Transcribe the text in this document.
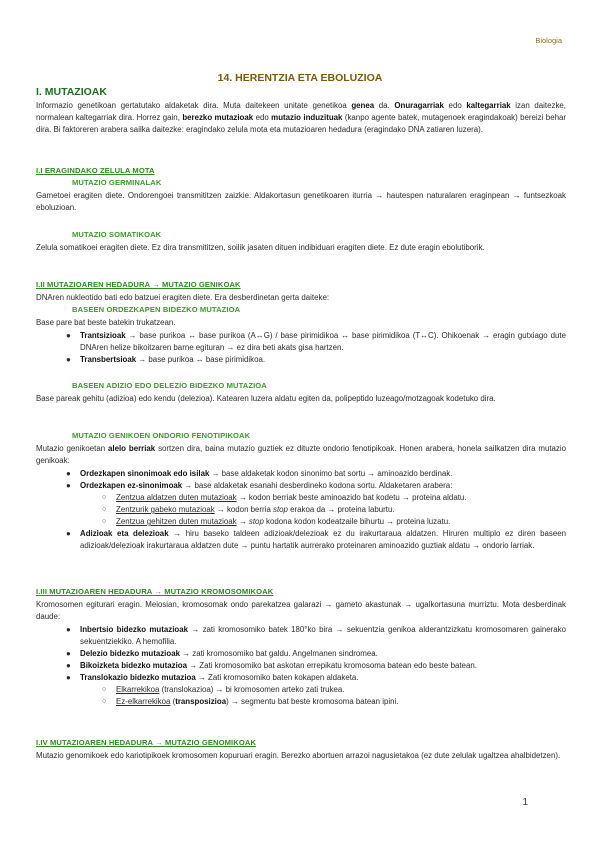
Biologia
14. HERENTZIA ETA EBOLUZIOA
I. MUTAZIOAK
Informazio genetikoan gertatutako aldaketak dira. Muta daitekeen unitate genetikoa genea da. Onuragarriak edo kaltegarriak izan daitezke, normalean kaltegarriak dira. Horrez gain, berezko mutazioak edo mutazio induzituak (kanpo agente batek, mutagenoek eragindakoak) bereizi behar dira. Bi faktoreren arabera sailka daitezke: eragindako zelula mota eta mutazioaren hedadura (eragindako DNA zatiaren luzera).
I.I ERAGINDAKO ZELULA MOTA
MUTAZIO GERMINALAK
Gametoei eragiten diete. Ondorengoei transmititzen zaizkie. Aldakortasun genetikoaren iturria → hautespen naturalaren eraginpean → funtsezkoak eboluzioan.
MUTAZIO SOMATIKOAK
Zelula somatikoei eragiten diete. Ez dira transmititzen, soilik jasaten dituen indibiduari eragiten diete. Ez dute eragin ebolutiborik.
I.II MUTAZIOAREN HEDADURA → MUTAZIO GENIKOAK
DNAren nukleotido bati edo batzuei eragiten diete. Era desberdinetan gerta daiteke:
BASEEN ORDEZKAPEN BIDEZKO MUTAZIOA
Base pare bat beste batekin trukatzean.
● Trantsizioak → base purikoa ↔ base purikoa (A↔G) / base pirimidikoa ↔ base pirimidikoa (T↔C). Ohikoenak → eragin gutxiago dute DNAren helize bikoitzaren barne egituran → ez dira beti akats gisa hartzen.
● Transbertsioak → base purikoa ↔ base pirimidikoa.
BASEEN ADIZIO EDO DELEZIO BIDEZKO MUTAZIOA
Base pareak gehitu (adizioa) edo kendu (delezioa). Katearen luzera aldatu egiten da, polipeptido luzeago/motzagoak kodetuko dira.
MUTAZIO GENIKOEN ONDORIO FENOTIPIKOAK
Mutazio genikoetan alelo berriak sortzen dira, baina mutazio guztiek ez dituzte ondorio fenotipikoak. Honen arabera, honela sailkatzen dira mutazio genikoak:
● Ordezkapen sinonimoak edo isilak → base aldaketak kodon sinonimo bat sortu → aminoazido berdinak.
● Ordezkapen ez-sinonimoak → base aldaketak esanahi desberdineko kodona sortu. Aldaketaren arabera:
○ Zentzua aldatzen duten mutazioak → kodon berriak beste aminoazido bat kodetu → proteina aldatu.
○ Zentzurik gabeko mutazioak → kodon berria stop erakoa da → proteina laburtu.
○ Zentzua gehitzen duten mutazioak → stop kodona kodon kodeatzaile bihurtu → proteina luzatu.
● Adizioak eta delezioak → hiru baseko taldeen adizioak/delezioak ez du irakurtaraua aldatzen. Hiruren multiplo ez diren baseen adizioak/delezioak irakurtaraua aldatzen dute → puntu hartatik aurrerako proteinaren aminoazido guztiak aldatu → ondorio larriak.
I.III MUTAZIOAREN HEDADURA → MUTAZIO KROMOSOMIKOAK
Kromosomen egiturari eragin. Meiosian, kromosomak ondo parekatzea galarazi → gameto akastunak → ugalkortasuna murriztu. Mota desberdinak daude:
● Inbertsio bidezko mutazioak → zati kromosomiko batek 180°ko bira → sekuentzia genikoa alderantzizkatu kromosomaren gainerako sekuentziekiko. A hemofilia.
● Delezio bidezko mutazioak → zati kromosomiko bat galdu. Angelmanen sindromea.
● Bikoizketa bidezko mutazioa → Zati kromosomiko bat askotan errepikatu kromosoma batean edo beste batean.
● Translokazio bidezko mutazioa → Zati kromosomiko baten kokapen aldaketa.
○ Elkarrekikoa (translokazioa) → bi kromosomen arteko zati trukea.
○ Ez-elkarrekikoa (transposizioa) → segmentu bat beste kromosoma batean ipini.
I.IV MUTAZIOAREN HEDADURA → MUTAZIO GENOMIKOAK
Mutazio genomikoek edo kariotipikoek kromosomen kopuruari eragin. Berezko abortuen arrazoi nagusietakoa (ez dute zelulak ugaltzea ahalbidetzen).
1
